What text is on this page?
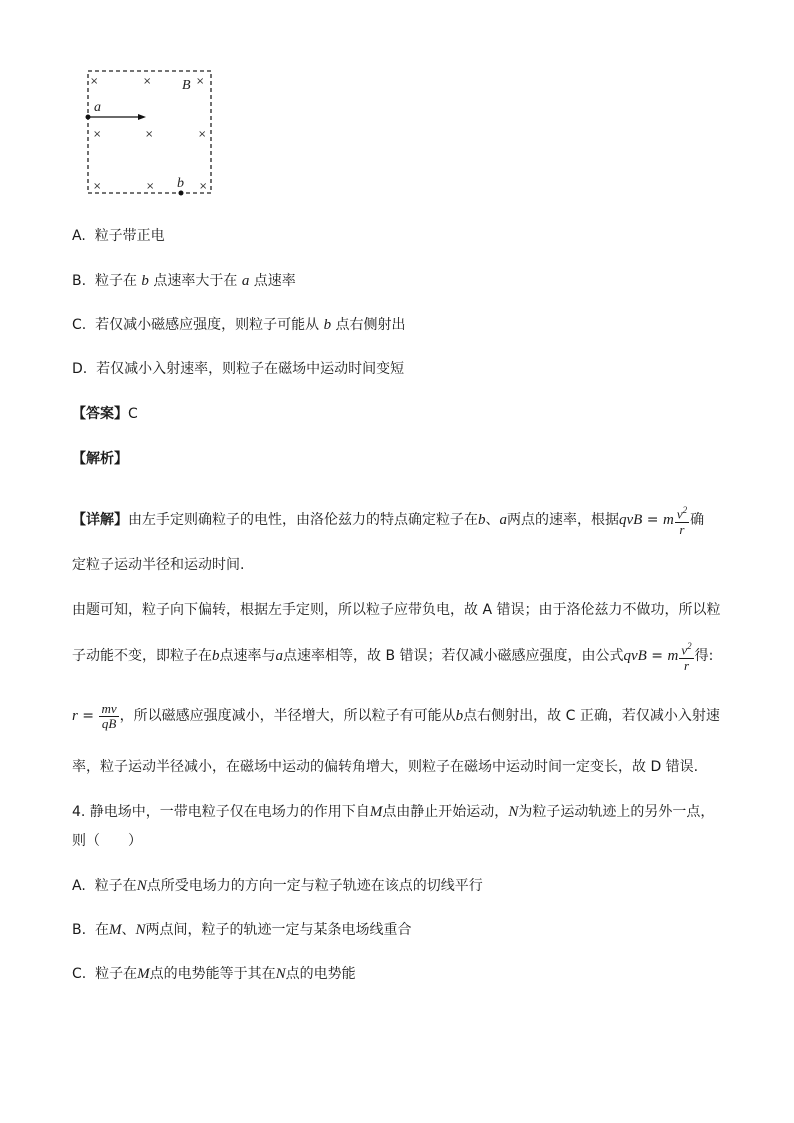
×	×	×
×	×	×
×	×	×
B
a
b
A. 粒子带正电
B. 粒子在 b 点速率大于在 a 点速率
C. 若仅减小磁感应强度，则粒子可能从 b 点右侧射出
D. 若仅减小入射速率，则粒子在磁场中运动时间变短
【答案】C
【解析】
【详解】由左手定则确粒子的电性，由洛伦兹力的特点确定粒子在b、a两点的速率，根据qvB = m $\frac{v^2}{r}$ 确
定粒子运动半径和运动时间.
由题可知，粒子向下偏转，根据左手定则，所以粒子应带负电，故 A 错误；由于洛伦兹力不做功，所以粒
子动能不变，即粒子在b点速率与a点速率相等，故 B 错误；若仅减小磁感应强度，由公式qvB = m $\frac{v^2}{r}$ 得:
$r = \frac{mv}{qB}$ ，所以磁感应强度减小，半径增大，所以粒子有可能从b点右侧射出，故 C 正确，若仅减小入射速
率，粒子运动半径减小，在磁场中运动的偏转角增大，则粒子在磁场中运动时间一定变长，故 D 错误.
4. 静电场中，一带电粒子仅在电场力的作用下自M点由静止开始运动，N为粒子运动轨迹上的另外一点，
则（　　）
A. 粒子在N点所受电场力的方向一定与粒子轨迹在该点的切线平行
B. 在M、N两点间，粒子的轨迹一定与某条电场线重合
C. 粒子在M点的电势能等于其在N点的电势能
